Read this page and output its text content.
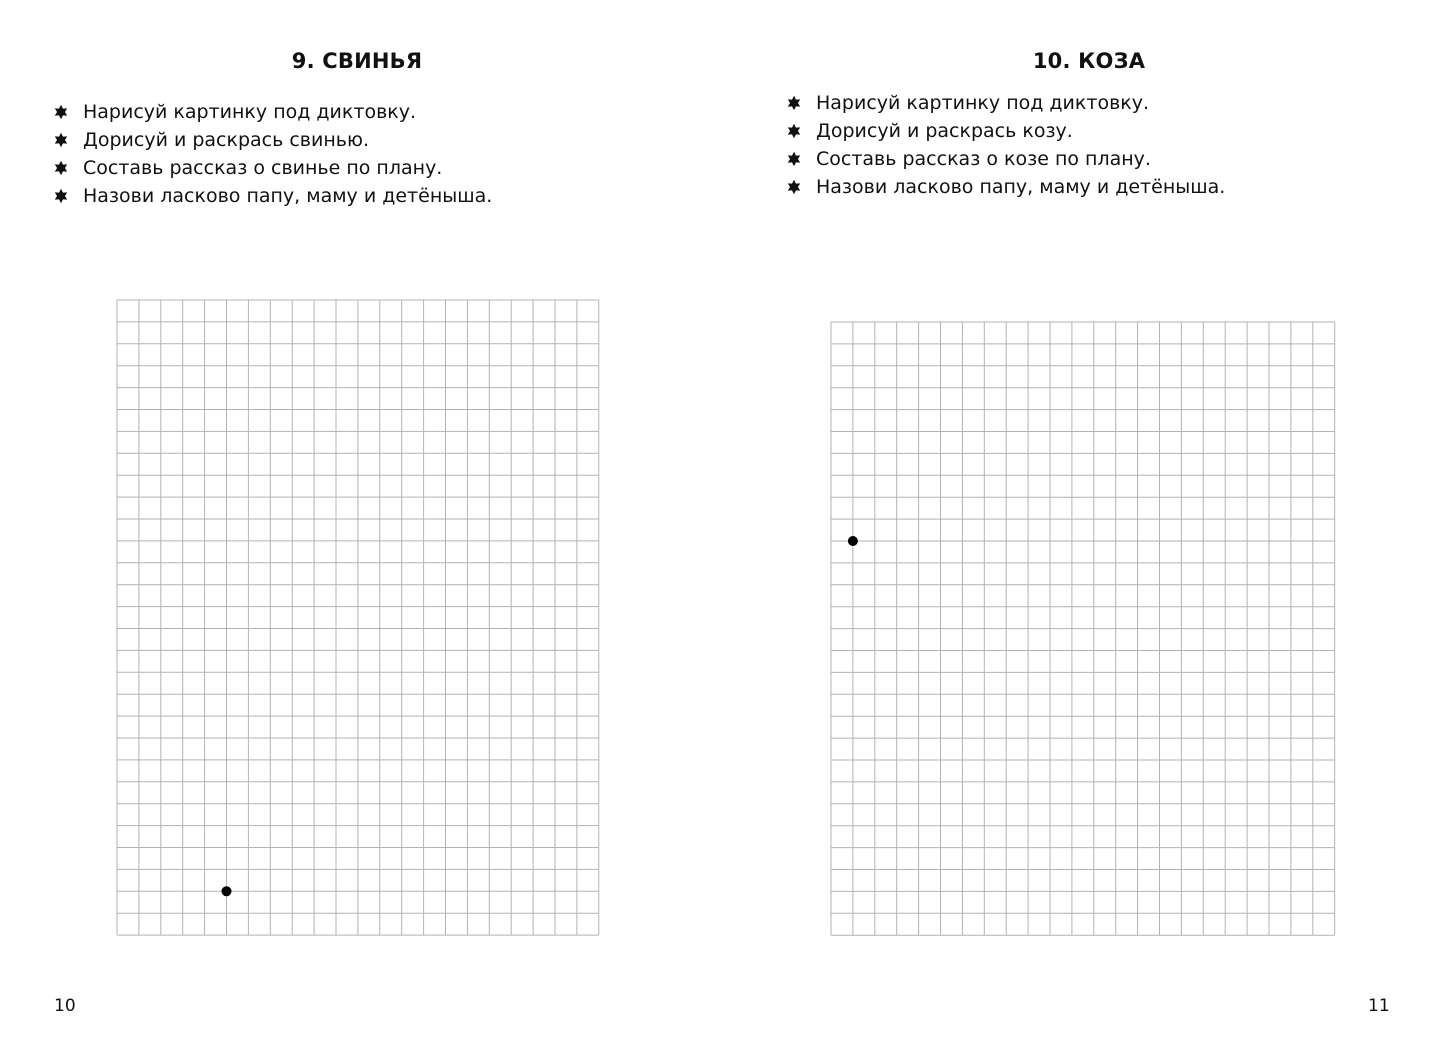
9. СВИНЬЯ
Нарисуй картинку под диктовку.
Дорисуй и раскрась свинью.
Составь рассказ о свинье по плану.
Назови ласково папу, маму и детёныша.
10
10. КОЗА
Нарисуй картинку под диктовку.
Дорисуй и раскрась козу.
Составь рассказ о козе по плану.
Назови ласково папу, маму и детёныша.
11
